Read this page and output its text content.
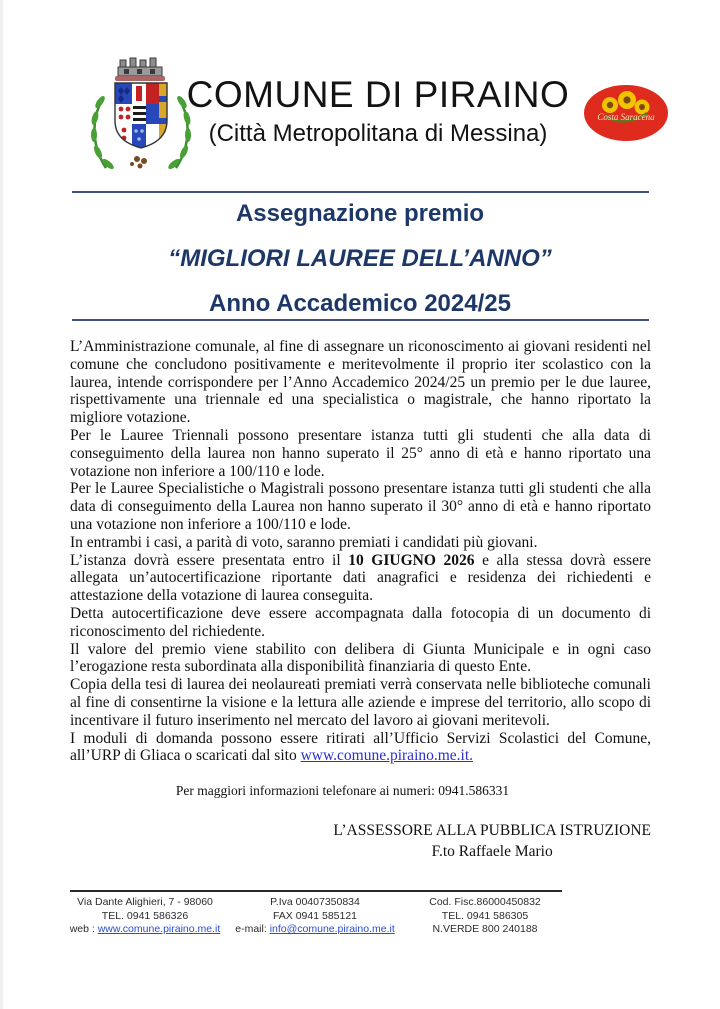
COMUNE DI PIRAINO
(Città Metropolitana di Messina)
Costa Saracena
Assegnazione premio
“MIGLIORI LAUREE DELL’ANNO”
Anno Accademico 2024/25

L’Amministrazione comunale, al fine di assegnare un riconoscimento ai giovani residenti nel comune che concludono positivamente e meritevolmente il proprio iter scolastico con la laurea, intende corrispondere per l’Anno Accademico 2024/25 un premio per le due lauree, rispettivamente una triennale ed una specialistica o magistrale, che hanno riportato la migliore votazione.

Per le Lauree Triennali possono presentare istanza tutti gli studenti che alla data di conseguimento della laurea non hanno superato il 25° anno di età e hanno riportato una votazione non inferiore a 100/110 e lode.

Per le Lauree Specialistiche o Magistrali possono presentare istanza tutti gli studenti che alla data di conseguimento della Laurea non hanno superato il 30° anno di età e hanno riportato una votazione non inferiore a 100/110 e lode.

In entrambi i casi, a parità di voto, saranno premiati i candidati più giovani.

L’istanza dovrà essere presentata entro il 10 GIUGNO 2026 e alla stessa dovrà essere allegata un’autocertificazione riportante dati anagrafici e residenza dei richiedenti e attestazione della votazione di laurea conseguita.

Detta autocertificazione deve essere accompagnata dalla fotocopia di un documento di riconoscimento del richiedente.

Il valore del premio viene stabilito con delibera di Giunta Municipale e in ogni caso l’erogazione resta subordinata alla disponibilità finanziaria di questo Ente.

Copia della tesi di laurea dei neolaureati premiati verrà conservata nelle biblioteche comunali al fine di consentirne la visione e la lettura alle aziende e imprese del territorio, allo scopo di incentivare il futuro inserimento nel mercato del lavoro ai giovani meritevoli.

I moduli di domanda possono essere ritirati all’Ufficio Servizi Scolastici del Comune, all’URP di Gliaca o scaricati dal sito www.comune.piraino.me.it.

Per maggiori informazioni telefonare ai numeri: 0941.586331
L’ASSESSORE ALLA PUBBLICA ISTRUZIONE
F.to Raffaele Mario
Via Dante Alighieri, 7 - 98060
TEL. 0941 586326
web : www.comune.piraino.me.it
P.Iva 00407350834
FAX 0941 585121
e-mail: info@comune.piraino.me.it
Cod. Fisc.86000450832
TEL. 0941 586305
N.VERDE 800 240188
